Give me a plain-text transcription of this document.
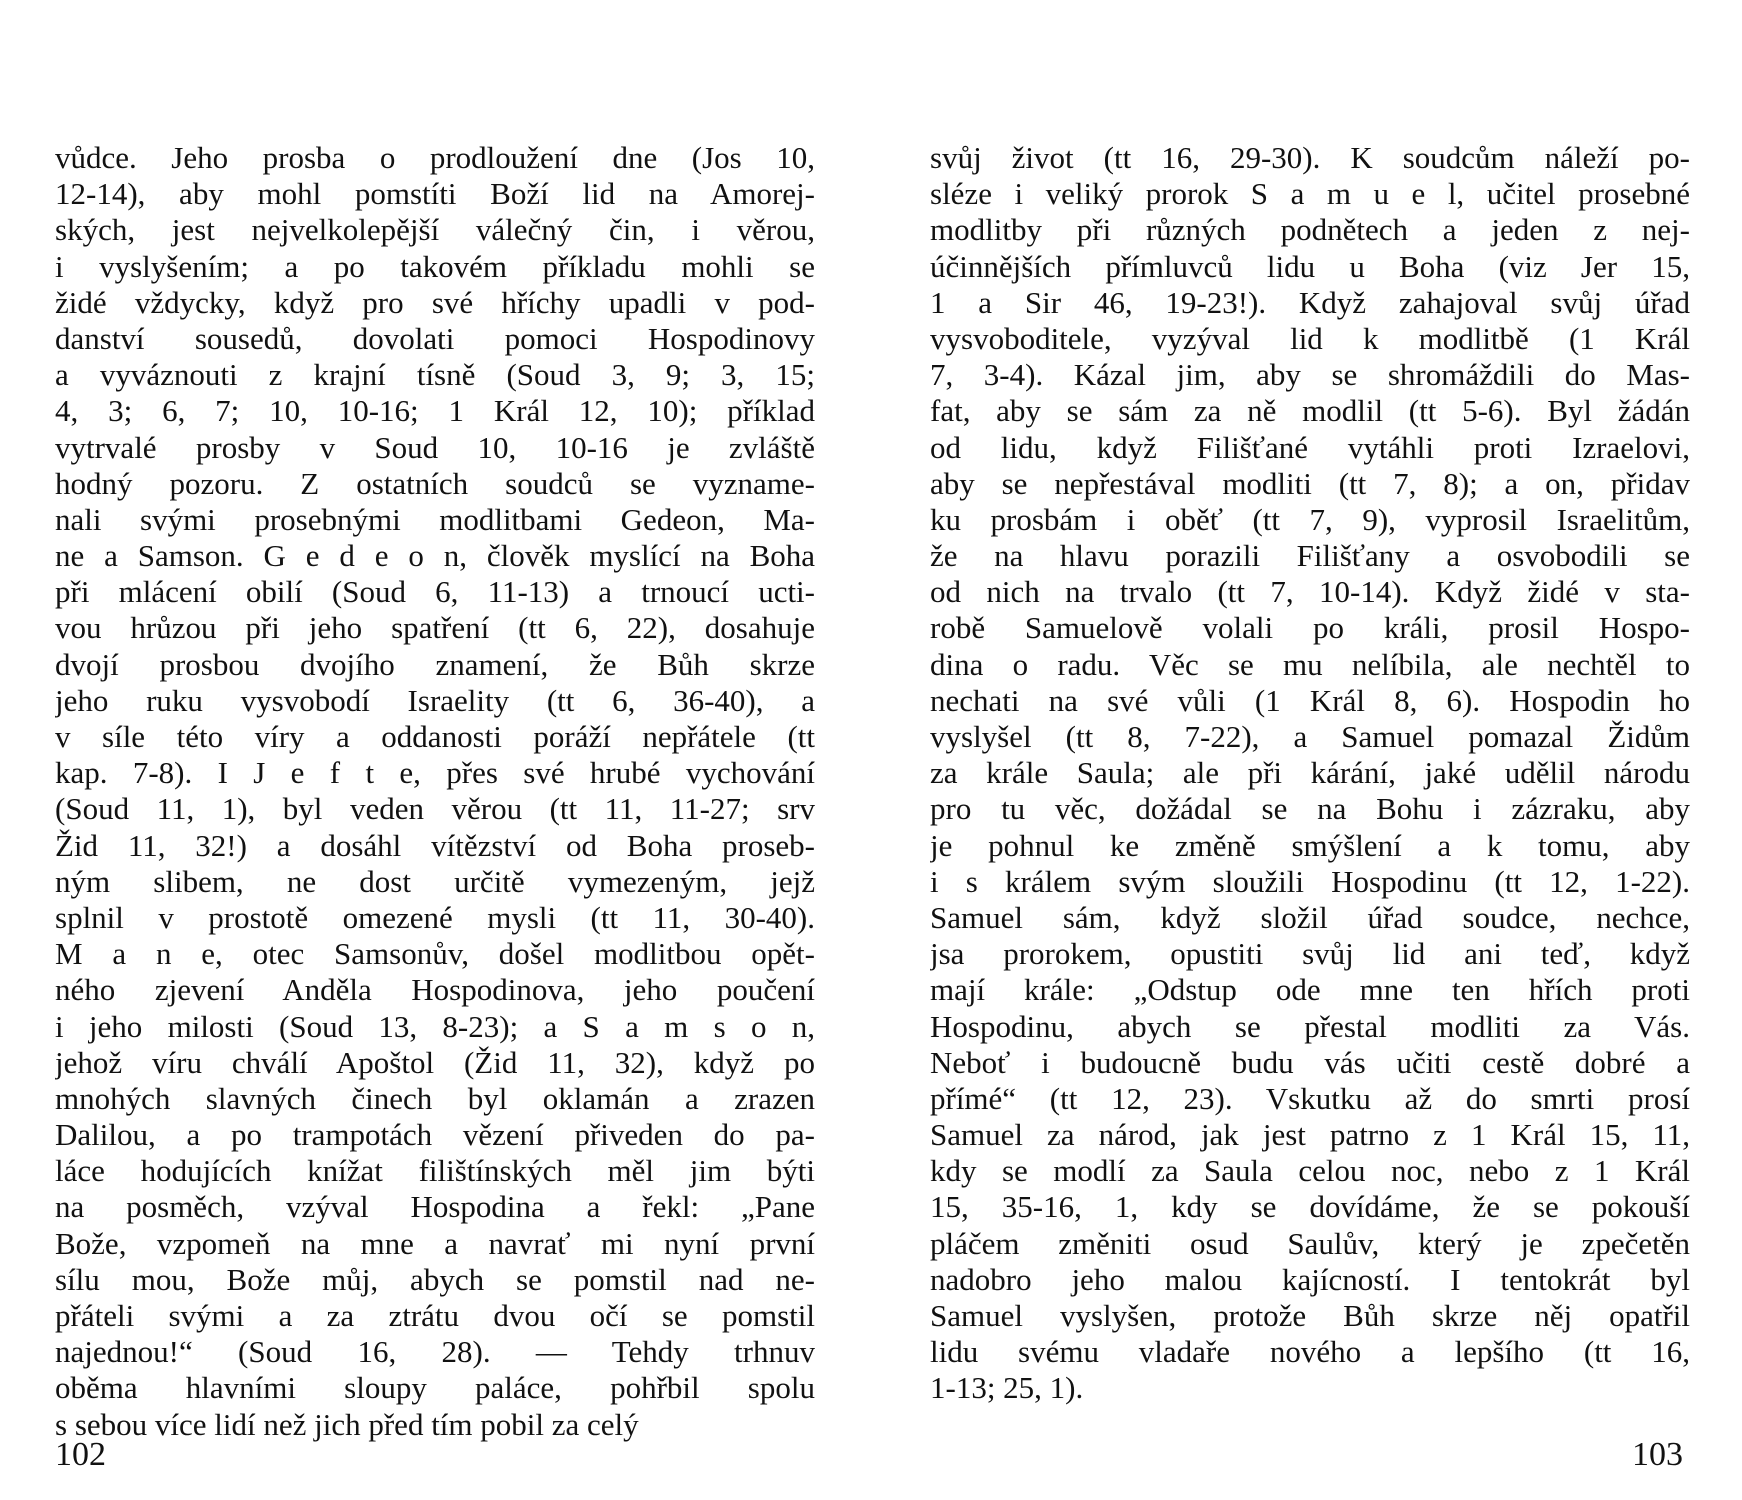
vůdce. Jeho prosba o prodloužení dne (Jos 10,
12-14), aby mohl pomstíti Boží lid na Amorej-
ských, jest nejvelkolepější válečný čin, i věrou,
i vyslyšením; a po takovém příkladu mohli se
židé vždycky, když pro své hříchy upadli v pod-
danství sousedů, dovolati pomoci Hospodinovy
a vyváznouti z krajní tísně (Soud 3, 9; 3, 15;
4, 3; 6, 7; 10, 10-16; 1 Král 12, 10); příklad
vytrvalé prosby v Soud 10, 10-16 je zvláště
hodný pozoru. Z ostatních soudců se vyzname-
nali svými prosebnými modlitbami Gedeon, Ma-
ne a Samson. G e d e o n, člověk myslící na Boha
při mlácení obilí (Soud 6, 11-13) a trnoucí ucti-
vou hrůzou při jeho spatření (tt 6, 22), dosahuje
dvojí prosbou dvojího znamení, že Bůh skrze
jeho ruku vysvobodí Israelity (tt 6, 36-40), a
v síle této víry a oddanosti poráží nepřátele (tt
kap. 7-8). I J e f t e, přes své hrubé vychování
(Soud 11, 1), byl veden věrou (tt 11, 11-27; srv
Žid 11, 32!) a dosáhl vítězství od Boha proseb-
ným slibem, ne dost určitě vymezeným, jejž
splnil v prostotě omezené mysli (tt 11, 30-40).
M a n e, otec Samsonův, došel modlitbou opět-
ného zjevení Anděla Hospodinova, jeho poučení
i jeho milosti (Soud 13, 8-23); a S a m s o n,
jehož víru chválí Apoštol (Žid 11, 32), když po
mnohých slavných činech byl oklamán a zrazen
Dalilou, a po trampotách vězení přiveden do pa-
láce hodujících knížat filištínských měl jim býti
na posměch, vzýval Hospodina a řekl: „Pane
Bože, vzpomeň na mne a navrať mi nyní první
sílu mou, Bože můj, abych se pomstil nad ne-
přáteli svými a za ztrátu dvou očí se pomstil
najednou!“ (Soud 16, 28). — Tehdy trhnuv
oběma hlavními sloupy paláce, pohřbil spolu
s sebou více lidí než jich před tím pobil za celý
svůj život (tt 16, 29-30). K soudcům náleží po-
sléze i veliký prorok S a m u e l, učitel prosebné
modlitby při různých podnětech a jeden z nej-
účinnějších přímluvců lidu u Boha (viz Jer 15,
1 a Sir 46, 19-23!). Když zahajoval svůj úřad
vysvoboditele, vyzýval lid k modlitbě (1 Král
7, 3-4). Kázal jim, aby se shromáždili do Mas-
fat, aby se sám za ně modlil (tt 5-6). Byl žádán
od lidu, když Filišťané vytáhli proti Izraelovi,
aby se nepřestával modliti (tt 7, 8); a on, přidav
ku prosbám i oběť (tt 7, 9), vyprosil Israelitům,
že na hlavu porazili Filišťany a osvobodili se
od nich na trvalo (tt 7, 10-14). Když židé v sta-
robě Samuelově volali po králi, prosil Hospo-
dina o radu. Věc se mu nelíbila, ale nechtěl to
nechati na své vůli (1 Král 8, 6). Hospodin ho
vyslyšel (tt 8, 7-22), a Samuel pomazal Židům
za krále Saula; ale při kárání, jaké udělil národu
pro tu věc, dožádal se na Bohu i zázraku, aby
je pohnul ke změně smýšlení a k tomu, aby
i s králem svým sloužili Hospodinu (tt 12, 1-22).
Samuel sám, když složil úřad soudce, nechce,
jsa prorokem, opustiti svůj lid ani teď, když
mají krále: „Odstup ode mne ten hřích proti
Hospodinu, abych se přestal modliti za Vás.
Neboť i budoucně budu vás učiti cestě dobré a
přímé“ (tt 12, 23). Vskutku až do smrti prosí
Samuel za národ, jak jest patrno z 1 Král 15, 11,
kdy se modlí za Saula celou noc, nebo z 1 Král
15, 35-16, 1, kdy se dovídáme, že se pokouší
pláčem změniti osud Saulův, který je zpečetěn
nadobro jeho malou kajícností. I tentokrát byl
Samuel vyslyšen, protože Bůh skrze něj opatřil
lidu svému vladaře nového a lepšího (tt 16,
1-13; 25, 1).
102	103
